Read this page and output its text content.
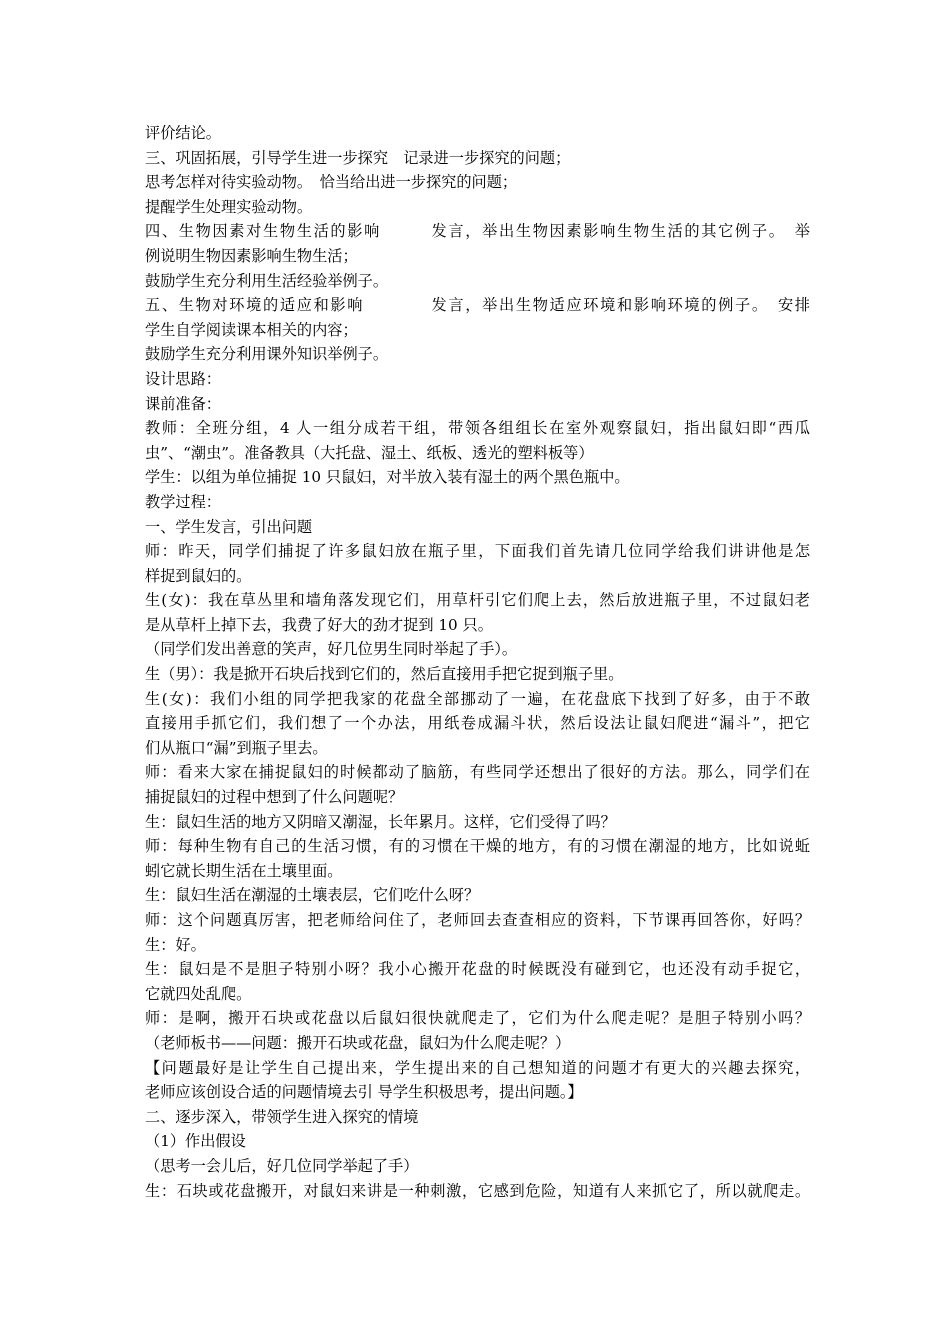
评价结论。
三、巩固拓展，引导学生进一步探究　记录进一步探究的问题；
思考怎样对待实验动物。　恰当给出进一步探究的问题；
提醒学生处理实验动物。
四、生物因素对生物生活的影响　　　发言，举出生物因素影响生物生活的其它例子。　举
例说明生物因素影响生物生活；
鼓励学生充分利用生活经验举例子。
五、生物对环境的适应和影响　　　　发言，举出生物适应环境和影响环境的例子。　安排
学生自学阅读课本相关的内容；
鼓励学生充分利用课外知识举例子。
设计思路：
课前准备：
教师：全班分组，4 人一组分成若干组，带领各组组长在室外观察鼠妇，指出鼠妇即“西瓜
虫”、“潮虫”。准备教具（大托盘、湿土、纸板、透光的塑料板等）
学生：以组为单位捕捉 10 只鼠妇，对半放入装有湿土的两个黑色瓶中。
教学过程：
一、学生发言，引出问题
师：昨天，同学们捕捉了许多鼠妇放在瓶子里，下面我们首先请几位同学给我们讲讲他是怎
样捉到鼠妇的。
生(女)：我在草丛里和墙角落发现它们，用草杆引它们爬上去，然后放进瓶子里，不过鼠妇老
是从草杆上掉下去，我费了好大的劲才捉到 10 只。
（同学们发出善意的笑声，好几位男生同时举起了手）。
生（男）：我是掀开石块后找到它们的，然后直接用手把它捉到瓶子里。
生(女)：我们小组的同学把我家的花盘全部挪动了一遍，在花盘底下找到了好多，由于不敢
直接用手抓它们，我们想了一个办法，用纸卷成漏斗状，然后设法让鼠妇爬进“漏斗”，把它
们从瓶口“漏”到瓶子里去。
师：看来大家在捕捉鼠妇的时候都动了脑筋，有些同学还想出了很好的方法。那么，同学们在
捕捉鼠妇的过程中想到了什么问题呢？
生：鼠妇生活的地方又阴暗又潮湿，长年累月。这样，它们受得了吗？
师：每种生物有自己的生活习惯，有的习惯在干燥的地方，有的习惯在潮湿的地方，比如说蚯
蚓它就长期生活在土壤里面。
生：鼠妇生活在潮湿的土壤表层，它们吃什么呀？
师：这个问题真厉害，把老师给问住了，老师回去查查相应的资料，下节课再回答你，好吗？
生：好。
生：鼠妇是不是胆子特别小呀？我小心搬开花盘的时候既没有碰到它，也还没有动手捉它，
它就四处乱爬。
师：是啊，搬开石块或花盘以后鼠妇很快就爬走了，它们为什么爬走呢？是胆子特别小吗？
（老师板书——问题：搬开石块或花盘，鼠妇为什么爬走呢？）
【问题最好是让学生自己提出来，学生提出来的自己想知道的问题才有更大的兴趣去探究，
老师应该创设合适的问题情境去引 导学生积极思考，提出问题。】
二、逐步深入，带领学生进入探究的情境
（1）作出假设
（思考一会儿后，好几位同学举起了手）
生：石块或花盘搬开，对鼠妇来讲是一种刺激，它感到危险，知道有人来抓它了，所以就爬走。
